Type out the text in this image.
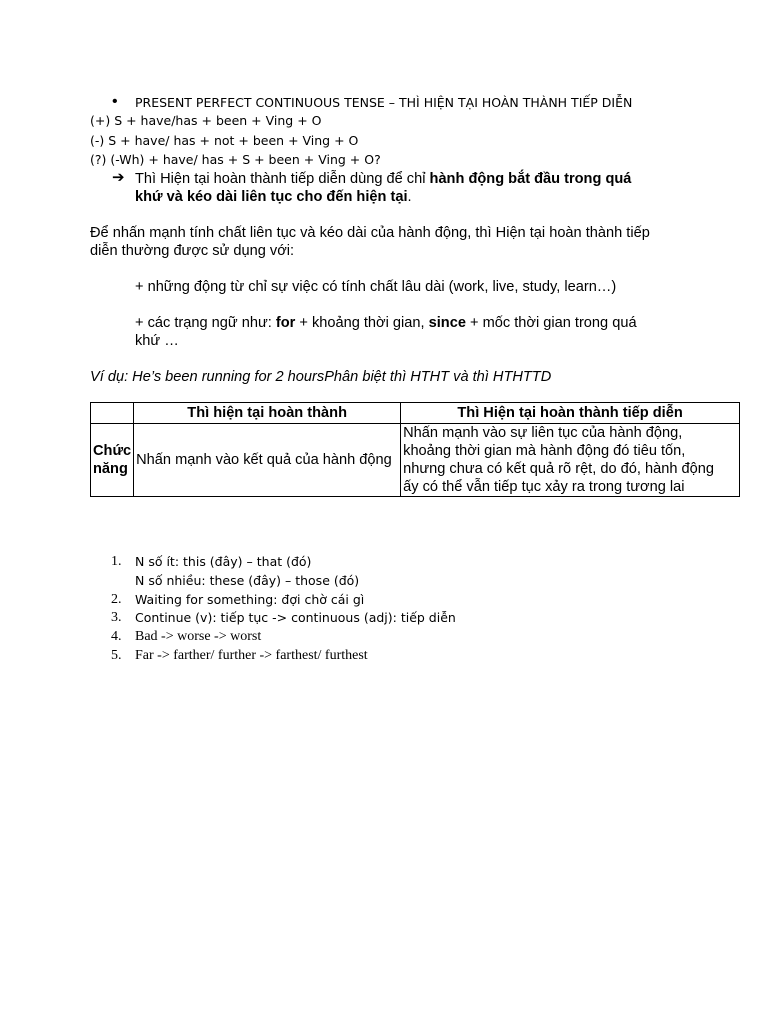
• PRESENT PERFECT CONTINUOUS TENSE – THÌ HIỆN TẠI HOÀN THÀNH TIẾP DIỄN
(+) S + have/has + been + Ving + O
(-) S + have/ has + not + been + Ving + O
(?) (-Wh) + have/ has + S + been + Ving + O?
➔ Thì Hiện tại hoàn thành tiếp diễn dùng để chỉ hành động bắt đầu trong quá
khứ và kéo dài liên tục cho đến hiện tại.
Để nhấn mạnh tính chất liên tục và kéo dài của hành động, thì Hiện tại hoàn thành tiếp
diễn thường được sử dụng với:
+ những động từ chỉ sự việc có tính chất lâu dài (work, live, study, learn…)
+ các trạng ngữ như: for + khoảng thời gian, since + mốc thời gian trong quá
khứ …
Ví dụ: He’s been running for 2 hoursPhân biệt thì HTHT và thì HTHTTD
	Thì hiện tại hoàn thành	Thì Hiện tại hoàn thành tiếp diễn
Chức
năng	Nhấn mạnh vào kết quả của hành động	Nhấn mạnh vào sự liên tục của hành động,
khoảng thời gian mà hành động đó tiêu tốn,
nhưng chưa có kết quả rõ rệt, do đó, hành động
ấy có thể vẫn tiếp tục xảy ra trong tương lai
1. N số ít: this (đây) – that (đó)
N số nhiều: these (đây) – those (đó)
2. Waiting for something: đợi chờ cái gì
3. Continue (v): tiếp tục -> continuous (adj): tiếp diễn
4. Bad -> worse -> worst
5. Far -> farther/ further -> farthest/ furthest
